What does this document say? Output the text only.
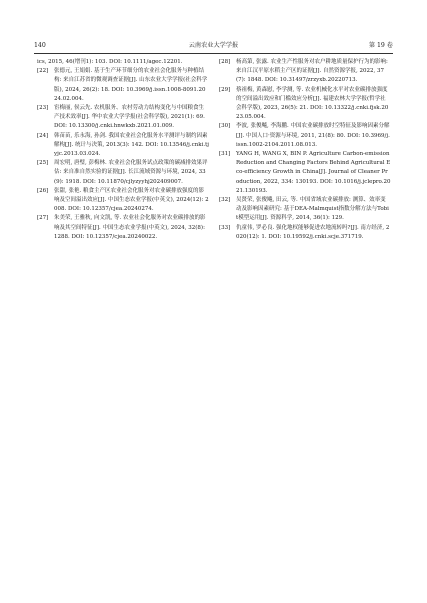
140	云南农业大学学报	第 19 卷

ics, 2015, 46(增刊1): 103. DOI: 10.1111/agec.12201.

[22]	张德元, 王娟娟. 基于生产环节细分的农业社会化服务与种植结构: 来自江苏省的微观调查证据[J]. 山东农业大学学报(社会科学版), 2024, 26(2): 18. DOI: 10.3969/j.issn.1008-8091.2024.02.004.
[23]	宦梅丽, 侯云先. 农机服务、农村劳动力结构变化与中国粮食生产技术效率[J]. 华中农业大学学报(社会科学版), 2021(1): 69. DOI: 10.13300/j.cnki.hnwkxb.2021.01.009.
[24]	韩苗苗, 乐永海, 孙剑. 我国农业社会化服务水平测评与制约因素解构[J]. 统计与决策, 2013(3): 142. DOI: 10.13546/j.cnki.tjyjc.2013.03.024.
[25]	周宏明, 唐璧, 彭梅林. 农业社会化服务试点政策的碳减排效果评估: 来自准自然实验的证据[J]. 长江流域资源与环境, 2024, 33(9): 1918. DOI: 10.11870/cjlyzyyhj202409007.
[26]	张甜, 张艳. 粮食主产区农业社会化服务对农业碳排放强度的影响及空间溢出效应[J]. 中国生态农业学报(中英文), 2024(12): 2008. DOI: 10.12357/cjea.20240274.
[27]	朱美荣, 王雅秋, 向文凯, 等. 农业社会化服务对农业碳排放的影响及其空间特征[J]. 中国生态农业学报(中英文), 2024, 32(8): 1288. DOI: 10.12357/cjea.20240022.
[28]	杨高第, 张露. 农业生产性服务对农户耕地质量保护行为的影响: 来自江汉平原水稻主产区的证据[J]. 自然资源学报, 2022, 37(7): 1848. DOI: 10.31497/zrzyxb.20220713.
[29]	蔡祖梅, 黄森慰, 李学测, 等. 农业机械化水平对农业碳排放强度的空间溢出效应和门槛效应分析[J]. 福建农林大学学报(哲学社会科学版), 2023, 26(5): 21. DOI: 10.13322/j.cnki.fjsk.2023.05.004.
[30]	李波, 张俊飚, 李海鹏. 中国农业碳排放时空特征及影响因素分解[J]. 中国人口·资源与环境, 2011, 21(8): 80. DOI: 10.3969/j.issn.1002-2104.2011.08.013.
[31]	YANG H, WANG X, BIN P. Agriculture Carbon-emission Reduction and Changing Factors Behind Agricultural Eco-efficiency Growth in China[J]. Journal of Cleaner Production, 2022, 334: 130193. DOI: 10.1016/j.jclepro.2021.130193.
[32]	吴贤荣, 张俊飚, 田云, 等. 中国省域农业碳排放: 测算、效率变动及影响因素研究: 基于DEA-Malmquist指数分解方法与Tobit模型运用[J]. 资源科学, 2014, 36(1): 129.
[33]	仇童伟, 罗必良. 强化地权能够促进农地流转吗?[J]. 南方经济, 2020(12): 1. DOI: 10.19592/j.cnki.scje.371719.
